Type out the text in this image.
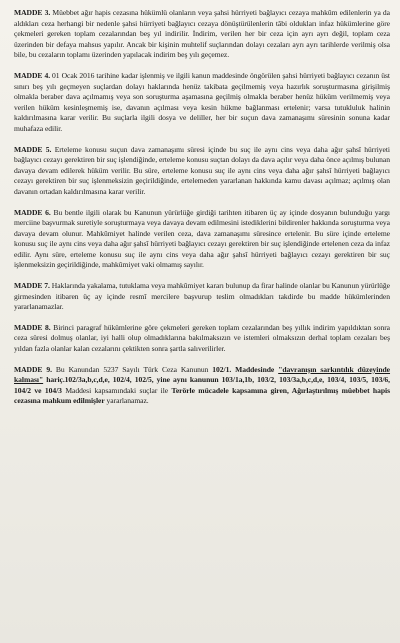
MADDE 3. Müebbet ağır hapis cezasına hükümlü olanların veya şahsi hürriyeti bağlayıcı cezaya mahkûm edilenlerin ya da aldıkları ceza herhangi bir nedenle şahsi hürriyeti bağlayıcı cezaya dönüştürülenlerin tâbi oldukları infaz hükümlerine göre çekmeleri gereken toplam cezalarından beş yıl indirilir. İndirim, verilen her bir ceza için ayrı ayrı değil, toplam ceza üzerinden bir defaya mahsus yapılır. Ancak bir kişinin muhtelif suçlarından dolayı cezaları ayrı ayrı tarihlerde verilmiş olsa bile, bu cezaların toplamı üzerinden yapılacak indirim beş yılı geçemez.

MADDE 4. 01 Ocak 2016 tarihine kadar işlenmiş ve ilgili kanun maddesinde öngörülen şahsi hürriyeti bağlayıcı cezanın üst sınırı beş yılı geçmeyen suçlardan dolayı haklarında henüz takibata geçilmemiş veya hazırlık soruşturmasına girişilmiş olmakla beraber dava açılmamış veya son soruşturma aşamasına geçilmiş olmakla beraber henüz hüküm verilmemiş veya verilen hüküm kesinleşmemiş ise, davanın açılması veya kesin hükme bağlanması ertelenir; varsa tutukluluk halinin kaldırılmasına karar verilir. Bu suçlarla ilgili dosya ve deliller, her bir suçun dava zamanaşımı süresinin sonuna kadar muhafaza edilir.

MADDE 5. Erteleme konusu suçun dava zamanaşımı süresi içinde bu suç ile aynı cins veya daha ağır şahsî hürriyeti bağlayıcı cezayı gerektiren bir suç işlendiğinde, erteleme konusu suçtan dolayı da dava açılır veya daha önce açılmış bulunan davaya devam edilerek hüküm verilir. Bu süre, erteleme konusu suç ile aynı cins veya daha ağır şahsî hürriyeti bağlayıcı cezayı gerektiren bir suç işlenmeksizin geçirildiğinde, ertelemeden yararlanan hakkında kamu davası açılmaz; açılmış olan davanın ortadan kaldırılmasına karar verilir.

MADDE 6. Bu bentle ilgili olarak bu Kanunun yürürlüğe girdiği tarihten itibaren üç ay içinde dosyanın bulunduğu yargı merciine başvurmak suretiyle soruşturmaya veya davaya devam edilmesini istediklerini bildirenler hakkında soruşturma veya davaya devam olunur. Mahkûmiyet halinde verilen ceza, dava zamanaşımı süresince ertelenir. Bu süre içinde erteleme konusu suç ile aynı cins veya daha ağır şahsî hürriyeti bağlayıcı cezayı gerektiren bir suç işlendiğinde ertelenen ceza da infaz edilir. Aynı süre, erteleme konusu suç ile aynı cins veya daha ağır şahsî hürriyeti bağlayıcı cezayı gerektiren bir suç işlenmeksizin geçirildiğinde, mahkûmiyet vaki olmamış sayılır.

MADDE 7. Haklarında yakalama, tutuklama veya mahkûmiyet kararı bulunup da firar halinde olanlar bu Kanunun yürürlüğe girmesinden itibaren üç ay içinde resmî mercilere başvurup teslim olmadıkları takdirde bu madde hükümlerinden yararlanamazlar.

MADDE 8. Birinci paragraf hükümlerine göre çekmeleri gereken toplam cezalarından beş yıllık indirim yapıldıktan sonra ceza süresi dolmuş olanlar, iyi halli olup olmadıklarına bakılmaksızın ve istemleri olmaksızın derhal toplam cezaları beş yıldan fazla olanlar kalan cezalarını çektikten sonra şartla salıverilirler.

MADDE 9. Bu Kanundan 5237 Sayılı Türk Ceza Kanunun 102/1. Maddesinde "davranışın sarkıntılık düzeyinde kalması" hariç.102/3a,b,c,d,e, 102/4, 102/5, yine aynı kanunun 103/1a,1b, 103/2, 103/3a,b,c,d,e, 103/4, 103/5, 103/6, 104/2 ve 104/3 Maddesi kapsamındaki suçlar ile Terörle mücadele kapsamına giren, Ağırlaştırılmış müebbet hapis cezasına mahkum edilmişler yararlanamaz.
